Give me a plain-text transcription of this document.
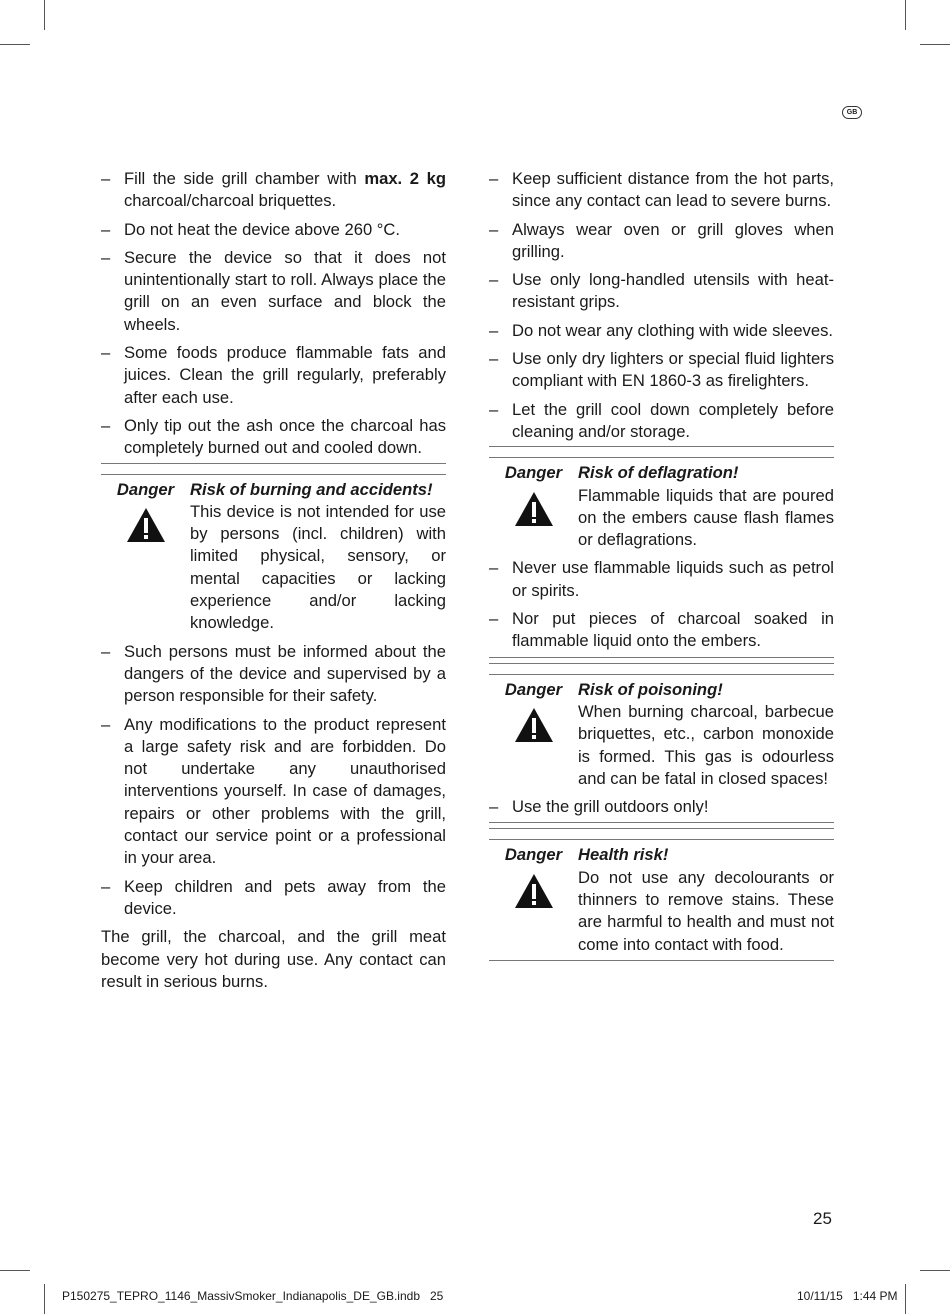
GB
– Fill the side grill chamber with max. 2 kg charcoal/charcoal briquettes.
– Do not heat the device above 260 °C.
– Secure the device so that it does not unintentionally start to roll. Always place the grill on an even surface and block the wheels.
– Some foods produce flammable fats and juices. Clean the grill regularly, preferably after each use.
– Only tip out the ash once the charcoal has completely burned out and cooled down.
Danger Risk of burning and accidents!
This device is not intended for use by persons (incl. children) with limited physical, sensory, or mental capacities or lacking experience and/or lacking knowledge.
– Such persons must be informed about the dangers of the device and supervised by a person responsible for their safety.
– Any modifications to the product represent a large safety risk and are forbidden. Do not undertake any unauthorised interventions yourself. In case of damages, repairs or other problems with the grill, contact our service point or a professional in your area.
– Keep children and pets away from the device.
The grill, the charcoal, and the grill meat become very hot during use. Any contact can result in serious burns.
– Keep sufficient distance from the hot parts, since any contact can lead to severe burns.
– Always wear oven or grill gloves when grilling.
– Use only long-handled utensils with heat-resistant grips.
– Do not wear any clothing with wide sleeves.
– Use only dry lighters or special fluid lighters compliant with EN 1860-3 as firelighters.
– Let the grill cool down completely before cleaning and/or storage.
Danger Risk of deflagration!
Flammable liquids that are poured on the embers cause flash flames or deflagrations.
– Never use flammable liquids such as petrol or spirits.
– Nor put pieces of charcoal soaked in flammable liquid onto the embers.
Danger Risk of poisoning!
When burning charcoal, barbecue briquettes, etc., carbon monoxide is formed. This gas is odourless and can be fatal in closed spaces!
– Use the grill outdoors only!
Danger Health risk!
Do not use any decolourants or thinners to remove stains. These are harmful to health and must not come into contact with food.
25
P150275_TEPRO_1146_MassivSmoker_Indianapolis_DE_GB.indb   25	10/11/15   1:44 PM
